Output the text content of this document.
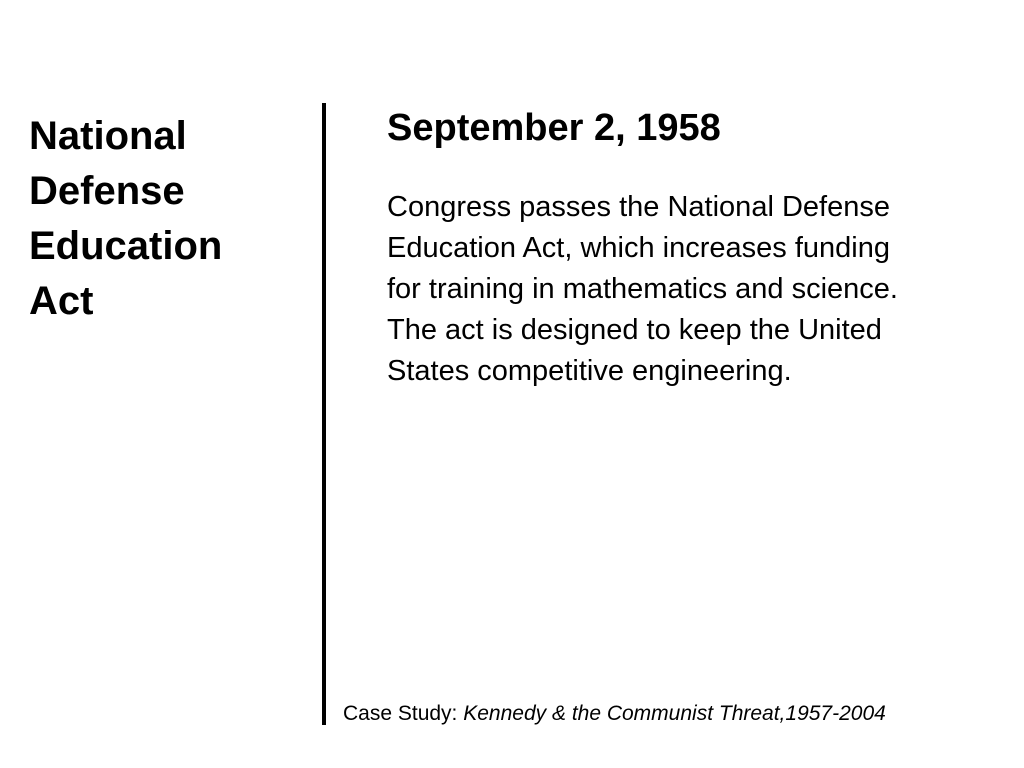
National
Defense
Education
Act
September 2, 1958

Congress passes the National Defense
Education Act, which increases funding
for training in mathematics and science.
The act is designed to keep the United
States competitive engineering.

Case Study: Kennedy & the Communist Threat,1957-2004
